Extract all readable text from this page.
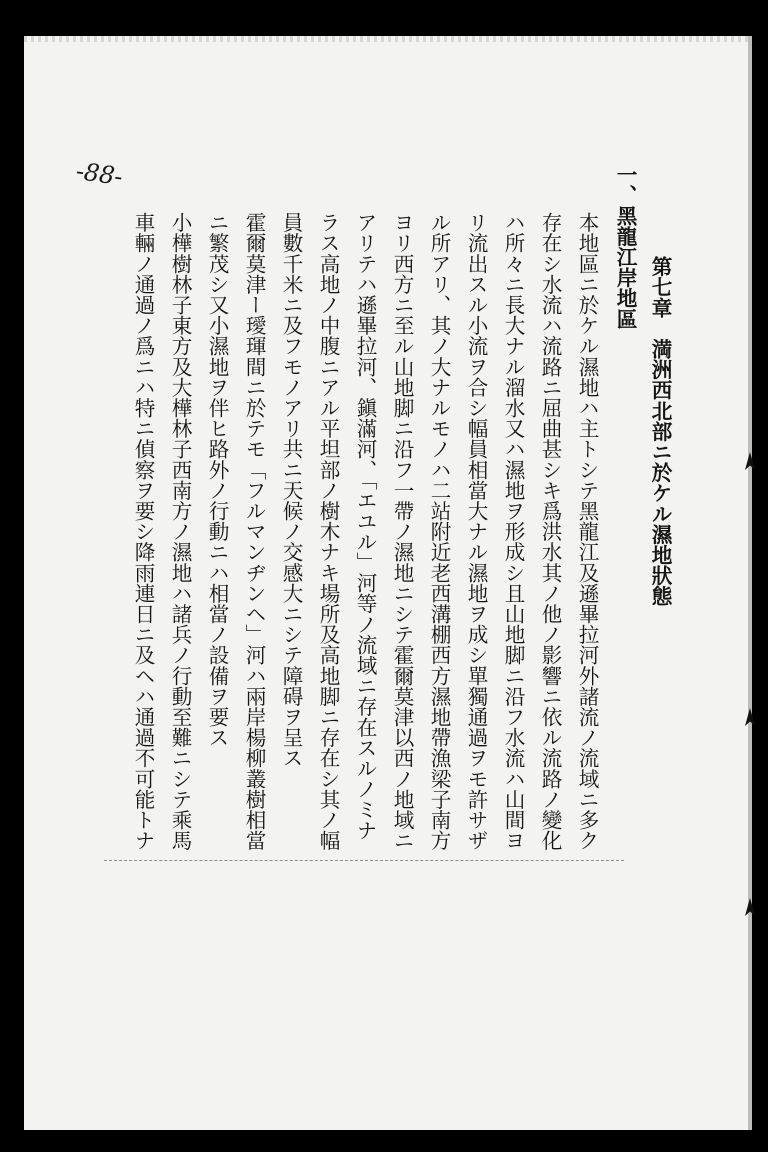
第七章　満洲西北部ニ於ケル濕地狀態
一、黑龍江岸地區
本地區ニ於ケル濕地ハ主トシテ黑龍江及遜畢拉河外諸流ノ流域ニ多ク
存在シ水流ハ流路ニ屈曲甚シキ爲洪水其ノ他ノ影響ニ依ル流路ノ變化
ハ所々ニ長大ナル溜水又ハ濕地ヲ形成シ且山地脚ニ沿フ水流ハ山間ヨ
リ流出スル小流ヲ合シ幅員相當大ナル濕地ヲ成シ單獨通過ヲモ許サザ
ル所アリ、其ノ大ナルモノハ二站附近老西溝棚西方濕地帶漁梁子南方
ヨリ西方ニ至ル山地脚ニ沿フ一帶ノ濕地ニシテ霍爾莫津以西ノ地域ニ
アリテハ遜畢拉河、鎭滿河、「エユル」河等ノ流域ニ存在スルノミナ
ラス高地ノ中腹ニアル平坦部ノ樹木ナキ場所及高地脚ニ存在シ其ノ幅
員數千米ニ及フモノアリ共ニ天候ノ交感大ニシテ障碍ヲ呈ス
霍爾莫津ー璦琿間ニ於テモ「フルマンヂンヘ」河ハ兩岸楊柳叢樹相當
ニ繁茂シ又小濕地ヲ伴ヒ路外ノ行動ニハ相當ノ設備ヲ要ス
小樺樹林子東方及大樺林子西南方ノ濕地ハ諸兵ノ行動至難ニシテ乘馬
車輛ノ通過ノ爲ニハ特ニ偵察ヲ要シ降雨連日ニ及ヘハ通過不可能トナ
-88-
